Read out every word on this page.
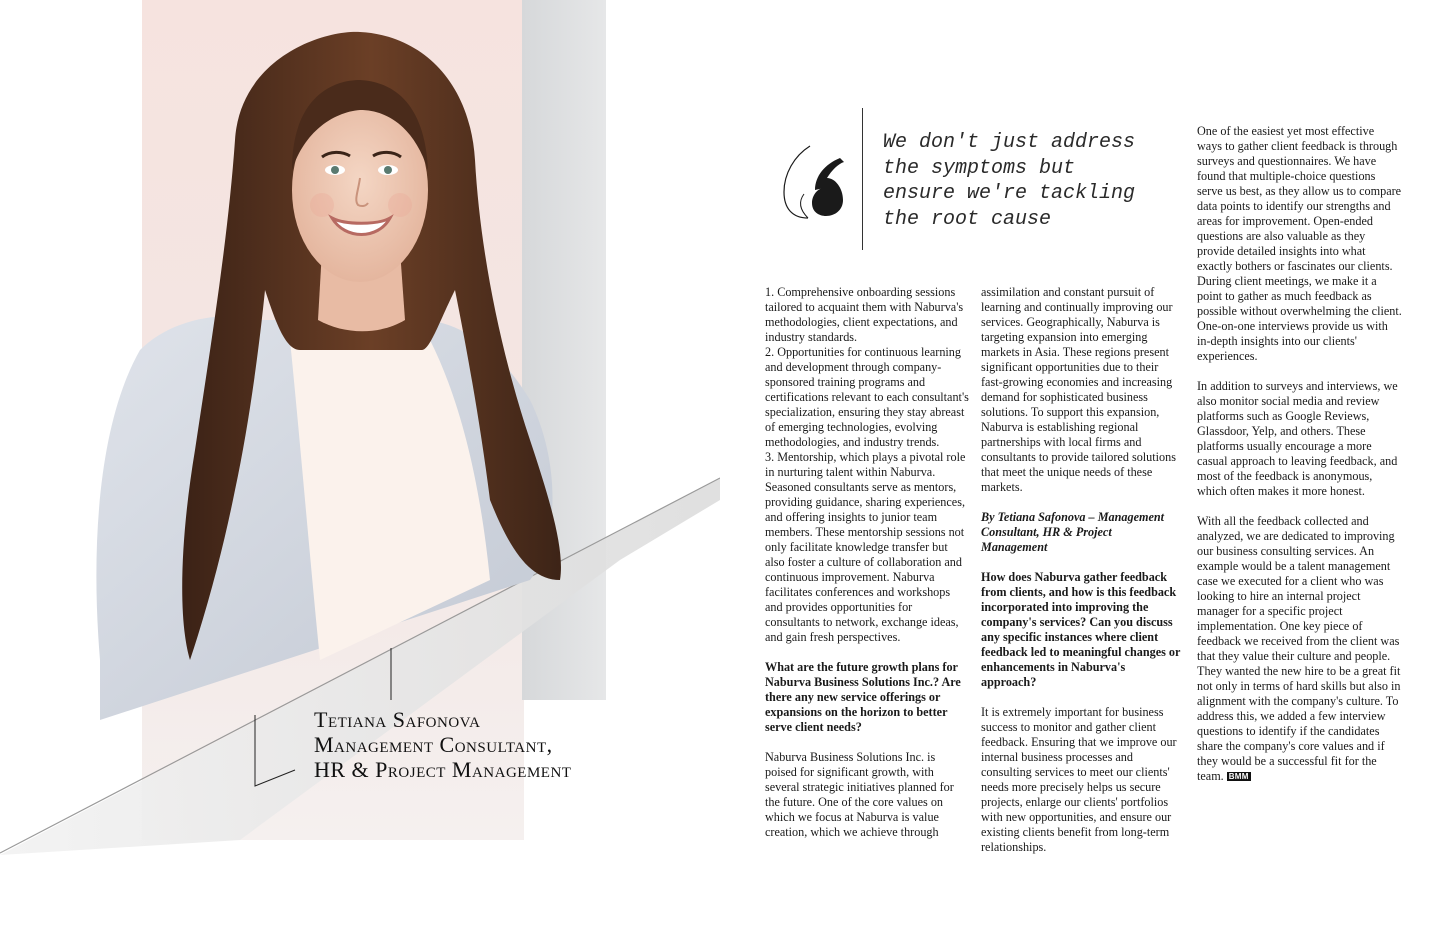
Tetiana Safonova
Management Consultant,
HR & Project Management
We don't just address
the symptoms but
ensure we're tackling
the root cause

1. Comprehensive onboarding sessions tailored to acquaint them with Naburva's methodologies, client expectations, and industry standards.

2. Opportunities for continuous learning and development through company-sponsored training programs and certifications relevant to each consultant's specialization, ensuring they stay abreast of emerging technologies, evolving methodologies, and industry trends.

3. Mentorship, which plays a pivotal role in nurturing talent within Naburva. Seasoned consultants serve as mentors, providing guidance, sharing experiences, and offering insights to junior team members. These mentorship sessions not only facilitate knowledge transfer but also foster a culture of collaboration and continuous improvement. Naburva facilitates conferences and workshops and provides opportunities for consultants to network, exchange ideas, and gain fresh perspectives.

What are the future growth plans for Naburva Business Solutions Inc.? Are there any new service offerings or expansions on the horizon to better serve client needs?

Naburva Business Solutions Inc. is poised for significant growth, with several strategic initiatives planned for the future. One of the core values on which we focus at Naburva is value creation, which we achieve through

assimilation and constant pursuit of learning and continually improving our services. Geographically, Naburva is targeting expansion into emerging markets in Asia. These regions present significant opportunities due to their fast-growing economies and increasing demand for sophisticated business solutions. To support this expansion, Naburva is establishing regional partnerships with local firms and consultants to provide tailored solutions that meet the unique needs of these markets.

By Tetiana Safonova – Management Consultant, HR & Project Management

How does Naburva gather feedback from clients, and how is this feedback incorporated into improving the company's services? Can you discuss any specific instances where client feedback led to meaningful changes or enhancements in Naburva's approach?

It is extremely important for business success to monitor and gather client feedback. Ensuring that we improve our internal business processes and consulting services to meet our clients' needs more precisely helps us secure projects, enlarge our clients' portfolios with new opportunities, and ensure our existing clients benefit from long-term relationships.

One of the easiest yet most effective ways to gather client feedback is through surveys and questionnaires. We have found that multiple-choice questions serve us best, as they allow us to compare data points to identify our strengths and areas for improvement. Open-ended questions are also valuable as they provide detailed insights into what exactly bothers or fascinates our clients. During client meetings, we make it a point to gather as much feedback as possible without overwhelming the client. One-on-one interviews provide us with in-depth insights into our clients' experiences.

In addition to surveys and interviews, we also monitor social media and review platforms such as Google Reviews, Glassdoor, Yelp, and others. These platforms usually encourage a more casual approach to leaving feedback, and most of the feedback is anonymous, which often makes it more honest.

With all the feedback collected and analyzed, we are dedicated to improving our business consulting services. An example would be a talent management case we executed for a client who was looking to hire an internal project manager for a specific project implementation. One key piece of feedback we received from the client was that they value their culture and people. They wanted the new hire to be a great fit not only in terms of hard skills but also in alignment with the company's culture. To address this, we added a few interview questions to identify if the candidates share the company's core values and if they would be a successful fit for the team. BMM
